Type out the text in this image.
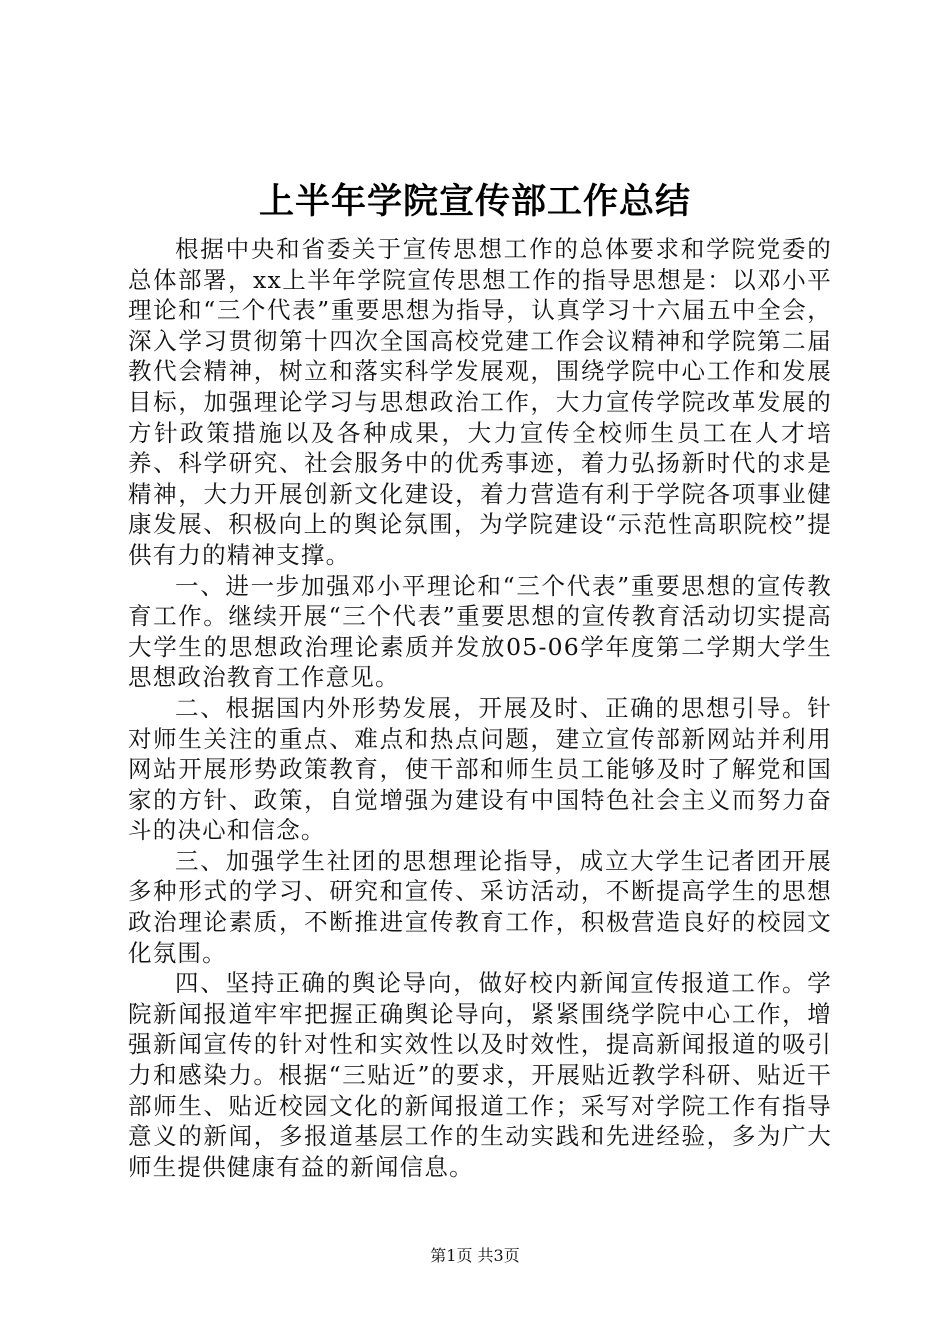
上半年学院宣传部工作总结

根据中央和省委关于宣传思想工作的总体要求和学院党委的总体部署，xx上半年学院宣传思想工作的指导思想是：以邓小平理论和“三个代表”重要思想为指导，认真学习十六届五中全会，深入学习贯彻第十四次全国高校党建工作会议精神和学院第二届教代会精神，树立和落实科学发展观，围绕学院中心工作和发展目标，加强理论学习与思想政治工作，大力宣传学院改革发展的方针政策措施以及各种成果，大力宣传全校师生员工在人才培养、科学研究、社会服务中的优秀事迹，着力弘扬新时代的求是精神，大力开展创新文化建设，着力营造有利于学院各项事业健康发展、积极向上的舆论氛围，为学院建设“示范性高职院校”提供有力的精神支撑。

一、进一步加强邓小平理论和“三个代表”重要思想的宣传教育工作。继续开展“三个代表”重要思想的宣传教育活动切实提高大学生的思想政治理论素质并发放05-06学年度第二学期大学生思想政治教育工作意见。

二、根据国内外形势发展，开展及时、正确的思想引导。针对师生关注的重点、难点和热点问题，建立宣传部新网站并利用网站开展形势政策教育，使干部和师生员工能够及时了解党和国家的方针、政策，自觉增强为建设有中国特色社会主义而努力奋斗的决心和信念。

三、加强学生社团的思想理论指导，成立大学生记者团开展多种形式的学习、研究和宣传、采访活动，不断提高学生的思想政治理论素质，不断推进宣传教育工作，积极营造良好的校园文化氛围。

四、坚持正确的舆论导向，做好校内新闻宣传报道工作。学院新闻报道牢牢把握正确舆论导向，紧紧围绕学院中心工作，增强新闻宣传的针对性和实效性以及时效性，提高新闻报道的吸引力和感染力。根据“三贴近”的要求，开展贴近教学科研、贴近干部师生、贴近校园文化的新闻报道工作；采写对学院工作有指导意义的新闻，多报道基层工作的生动实践和先进经验，多为广大师生提供健康有益的新闻信息。

第1页 共3页
